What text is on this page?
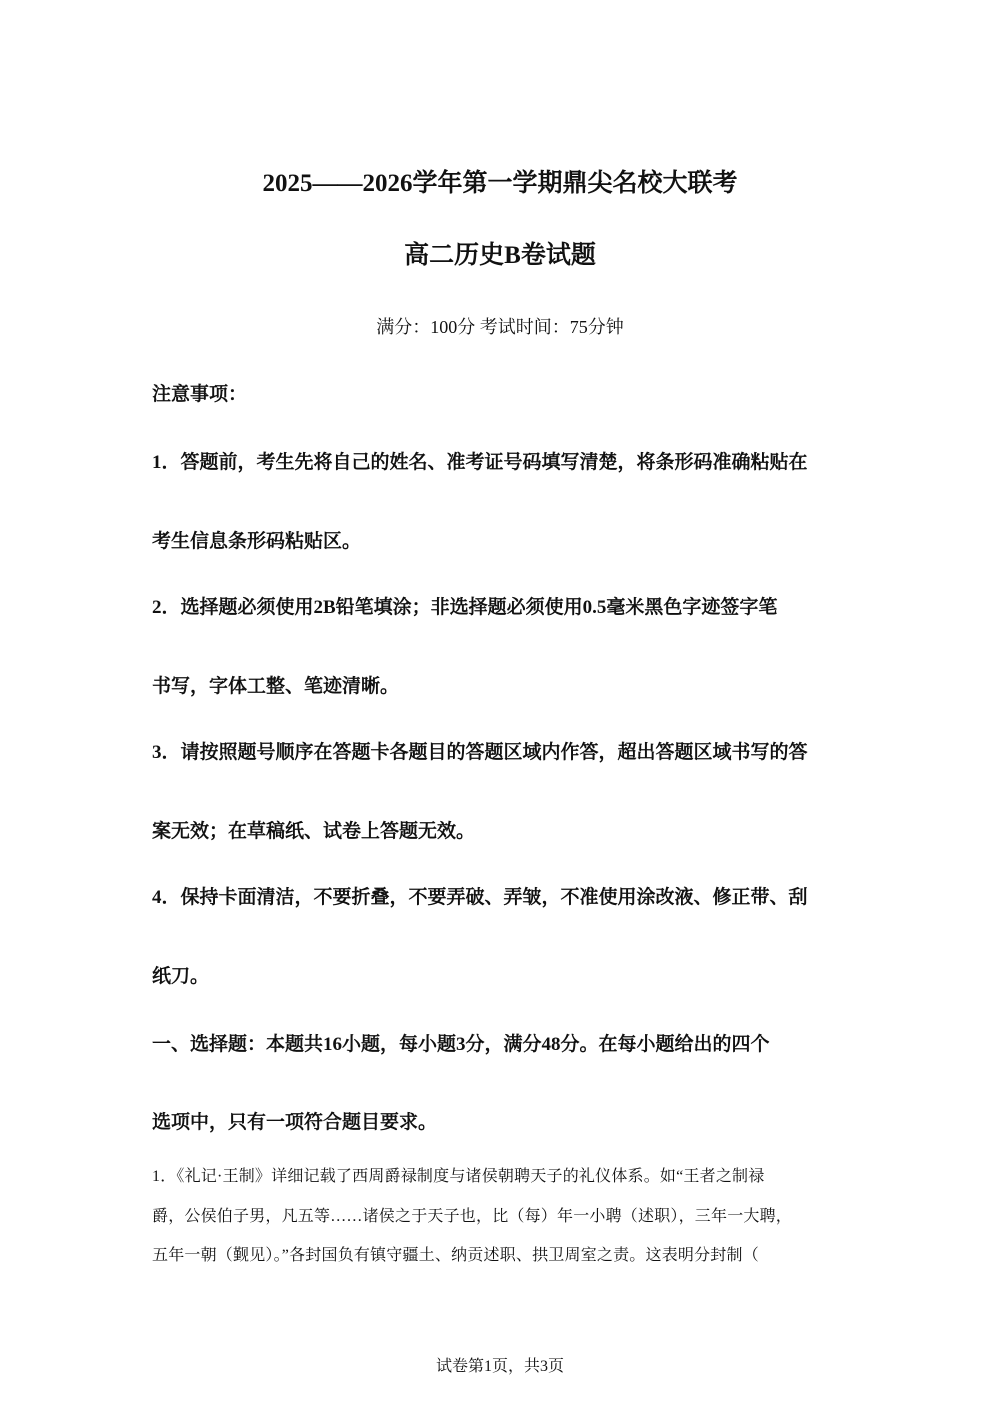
2025——2026学年第一学期鼎尖名校大联考
高二历史B卷试题
满分：100分 考试时间：75分钟
注意事项：
1．答题前，考生先将自己的姓名、准考证号码填写清楚，将条形码准确粘贴在
考生信息条形码粘贴区。
2．选择题必须使用2B铅笔填涂；非选择题必须使用0.5毫米黑色字迹签字笔
书写，字体工整、笔迹清晰。
3．请按照题号顺序在答题卡各题目的答题区域内作答，超出答题区域书写的答
案无效；在草稿纸、试卷上答题无效。
4．保持卡面清洁，不要折叠，不要弄破、弄皱，不准使用涂改液、修正带、刮
纸刀。
一、选择题：本题共16小题，每小题3分，满分48分。在每小题给出的四个
选项中，只有一项符合题目要求。
1．《礼记·王制》详细记载了西周爵禄制度与诸侯朝聘天子的礼仪体系。如“王者之制禄
爵，公侯伯子男，凡五等……诸侯之于天子也，比（每）年一小聘（述职），三年一大聘，
五年一朝（觐见）。”各封国负有镇守疆土、纳贡述职、拱卫周室之责。这表明分封制（
试卷第1页，共3页
